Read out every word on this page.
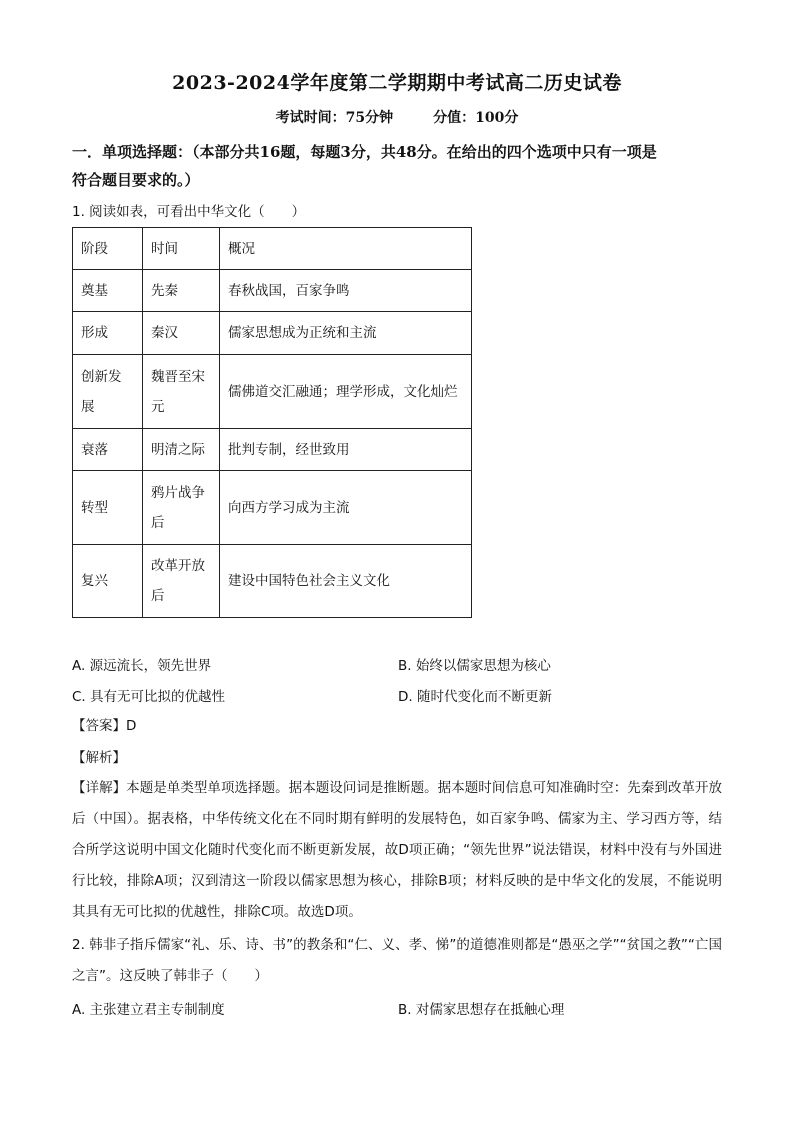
2023-2024学年度第二学期期中考试高二历史试卷
考试时间：75分钟	分值：100分
一．单项选择题：（本部分共16题，每题3分，共48分。在给出的四个选项中只有一项是
符合题目要求的。）
1. 阅读如表，可看出中华文化（　　）
阶段	时间	概况
奠基	先秦	春秋战国，百家争鸣
形成	秦汉	儒家思想成为正统和主流
创新发展	魏晋至宋元	儒佛道交汇融通；理学形成，文化灿烂
衰落	明清之际	批判专制，经世致用
转型	鸦片战争后	向西方学习成为主流
复兴	改革开放后	建设中国特色社会主义文化
A. 源远流长，领先世界	B. 始终以儒家思想为核心
C. 具有无可比拟的优越性	D. 随时代变化而不断更新
【答案】D
【解析】
【详解】本题是单类型单项选择题。据本题设问词是推断题。据本题时间信息可知准确时空：先秦到改革开放后（中国）。据表格，中华传统文化在不同时期有鲜明的发展特色，如百家争鸣、儒家为主、学习西方等，结合所学这说明中国文化随时代变化而不断更新发展，故D项正确；“领先世界”说法错误，材料中没有与外国进行比较，排除A项；汉到清这一阶段以儒家思想为核心，排除B项；材料反映的是中华文化的发展，不能说明其具有无可比拟的优越性，排除C项。故选D项。
2. 韩非子指斥儒家“礼、乐、诗、书”的教条和“仁、义、孝、悌”的道德准则都是“愚巫之学”“贫国之教”“亡国之言”。这反映了韩非子（　　）
A. 主张建立君主专制制度	B. 对儒家思想存在抵触心理
